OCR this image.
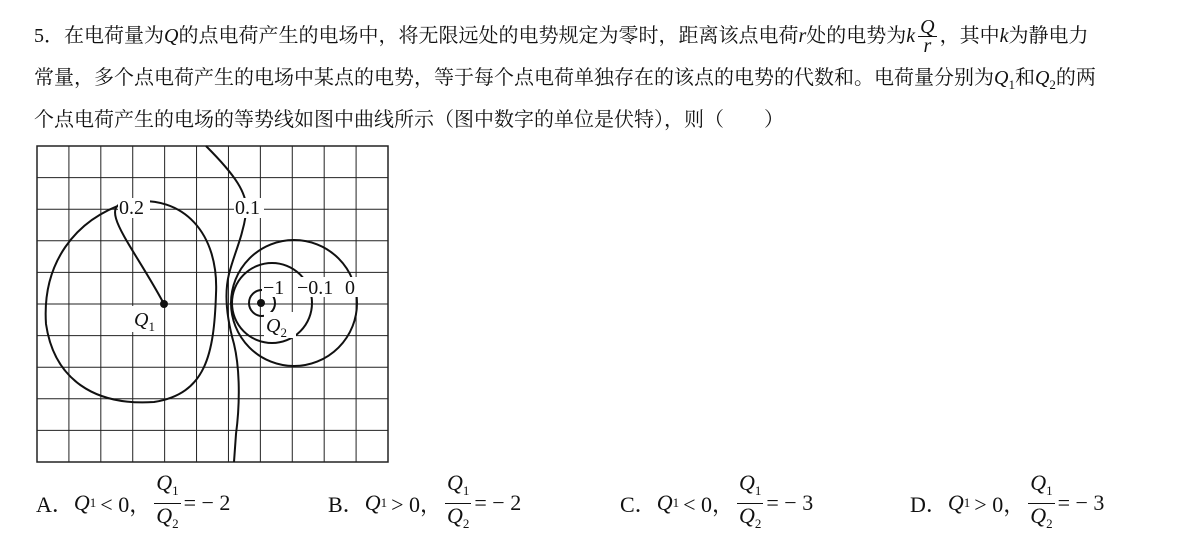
5．在电荷量为Q的点电荷产生的电场中，将无限远处的电势规定为零时，距离该点电荷r处的电势为k $\frac{Q}{r}$ ，其中k为静电力
常量，多个点电荷产生的电场中某点的电势，等于每个点电荷单独存在的该点的电势的代数和。电荷量分别为$Q_1$和$Q_2$的两
个点电荷产生的电场的等势线如图中曲线所示（图中数字的单位是伏特），则（　　）
0.2	0.1
−1 −0.1 0
$Q_1$	$Q_2$
A． Q 1 < 0， $\frac{Q_1}{Q_2}$ = − 2	B． Q 1 > 0， $\frac{Q_1}{Q_2}$ = − 2	C． Q 1 < 0， $\frac{Q_1}{Q_2}$ = − 3	D． Q 1 > 0， $\frac{Q_1}{Q_2}$ = − 3
